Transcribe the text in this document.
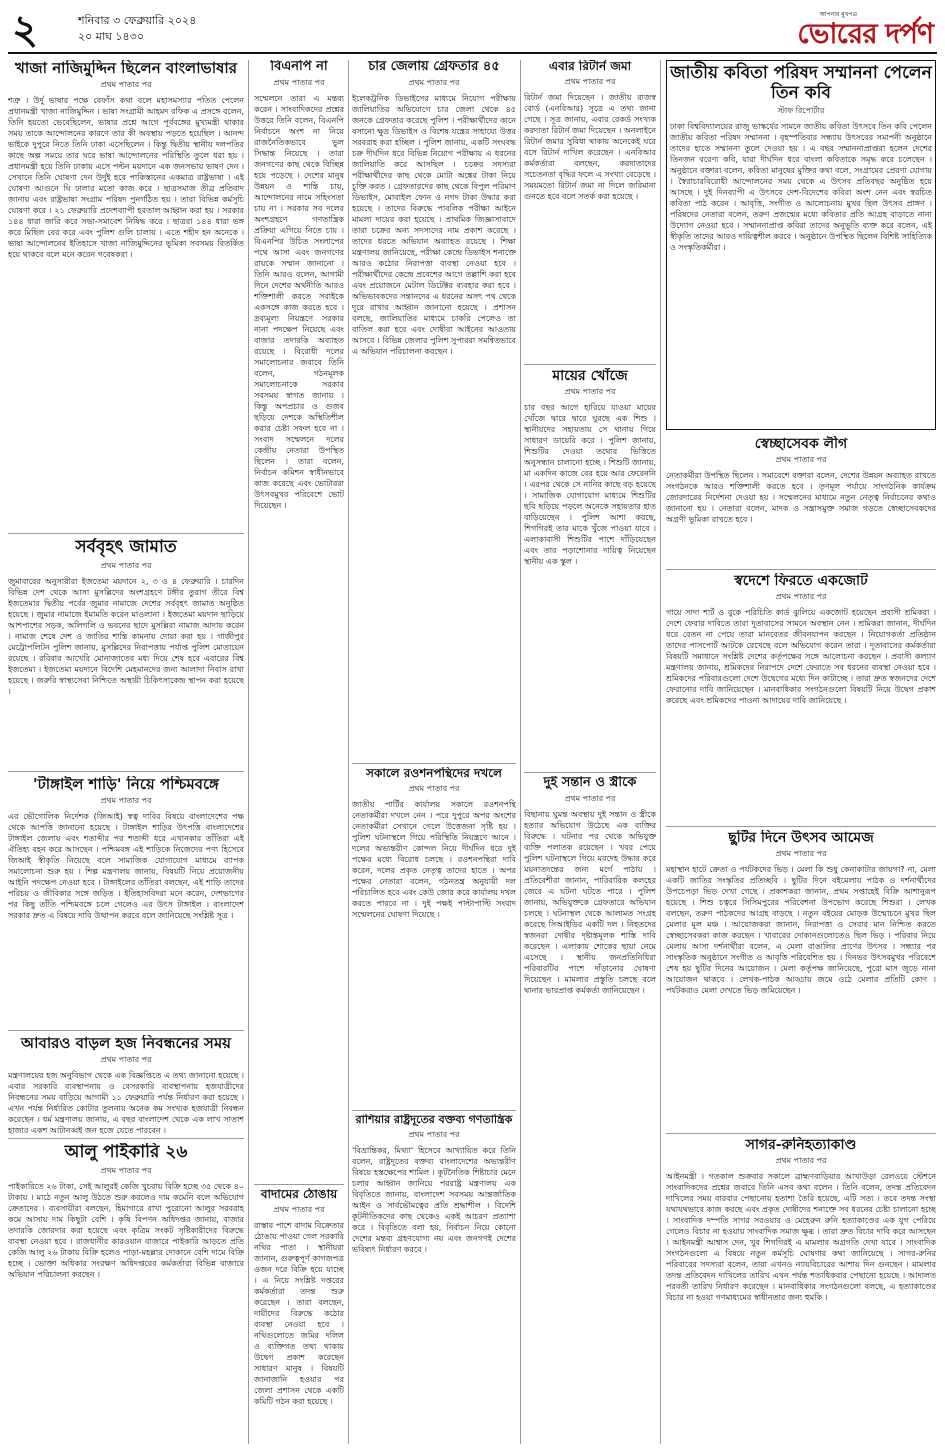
২	শনিবার ৩ ফেব্রুয়ারি ২০২৪
২০ মাঘ ১৪৩০
আপনার মুখপত্র
ভোরের দর্পণ
খাজা নাজিমুদ্দিন ছিলেন বাংলাভাষার
প্রথম পাতার পর
শত্রু । উর্দু ভাষার পক্ষে বেফাঁস কথা বলে মহাসমস্যার পতিত পেলেন প্রধানমন্ত্রী খাজা নাজিমুদ্দিন । ভাষা সংগ্রামী আহমদ রফিক এ প্রসঙ্গে বলেন, তিনি হয়তো ভেবেছিলেন, ভাষার প্রশ্নে আগে পূর্ববঙ্গের মুখ্যমন্ত্রী থাকার সময় তাকে আন্দোলনের কারণে তার কী অবস্থায় পড়তে হয়েছিল । আনন্দ ভাইকে দুপুরে নিতে তিনি ঢাকা এসেছিলেন । কিন্তু দ্বিতীয় স্থানীয় দলপতির কাছে অল্প সময়ে তার ঘরে ভাষা আন্দোলনের পরিস্থিতি তুলে ধরা হয় । প্রধানমন্ত্রী হয়ে তিনি ঢাকায় এসে পল্টন ময়দানে এক জনসভায় ভাষণ দেন । সেখানে তিনি ঘোষণা দেন উর্দুই হবে পাকিস্তানের একমাত্র রাষ্ট্রভাষা । এই ঘোষণা আগুনে ঘি ঢালার মতো কাজ করে । ছাত্রসমাজ তীব্র প্রতিবাদ জানায় এবং রাষ্ট্রভাষা সংগ্রাম পরিষদ পুনর্গঠিত হয় । তারা বিভিন্ন কর্মসূচি ঘোষণা করে । ২১ ফেব্রুয়ারি প্রদেশব্যাপী হরতাল আহ্বান করা হয় । সরকার ১৪৪ ধারা জারি করে সভা-সমাবেশ নিষিদ্ধ করে । ছাত্ররা ১৪৪ ধারা ভঙ্গ করে মিছিল বের করে এবং পুলিশ গুলি চালায় । এতে শহীদ হন অনেকে । ভাষা আন্দোলনের ইতিহাসে খাজা নাজিমুদ্দিনের ভূমিকা সবসময় বিতর্কিত হয়ে থাকবে বলে মনে করেন গবেষকরা ।
সর্ববৃহৎ জামাত
প্রথম পাতার পর
জুমাবারের অনুসারীরা ইজতেমা ময়দানে ২, ৩ ও ৪ ফেব্রুয়ারি । চারদিন বিভিন্ন দেশ থেকে আসা মুসল্লিদের অংশগ্রহণে টঙ্গীর তুরাগ তীরে বিশ্ব ইজতেমার দ্বিতীয় পর্বের জুমার নামাজে দেশের সর্ববৃহৎ জামাত অনুষ্ঠিত হয়েছে । জুমার নামাজে ইমামতি করেন মাওলানা । ইজতেমা ময়দান ছাড়িয়ে আশপাশের সড়ক, অলিগলি ও ভবনের ছাদে মুসল্লিরা নামাজ আদায় করেন । নামাজ শেষে দেশ ও জাতির শান্তি কামনায় দোয়া করা হয় । গাজীপুর মেট্রোপলিটন পুলিশ জানায়, মুসল্লিদের নিরাপত্তায় পর্যাপ্ত পুলিশ মোতায়েন রয়েছে । রবিবার আখেরি মোনাজাতের মধ্য দিয়ে শেষ হবে এবারের বিশ্ব ইজতেমা । ইজতেমা ময়দানে বিদেশি মেহমানদের জন্য আলাদা নিবাস রাখা হয়েছে । জরুরি স্বাস্থ্যসেবা নিশ্চিতে অস্থায়ী চিকিৎসাকেন্দ্র স্থাপন করা হয়েছে ।
'টাঙ্গাইল শাড়ি' নিয়ে পশ্চিমবঙ্গে
প্রথম পাতার পর
এর ভৌগোলিক নির্দেশক (জিআই) স্বত্ব দাবির বিষয়ে বাংলাদেশের পক্ষ থেকে আপত্তি জানানো হয়েছে । টাঙ্গাইল শাড়ির উৎপত্তি বাংলাদেশের টাঙ্গাইল জেলায় এবং শতাব্দীর পর শতাব্দী ধরে এখানকার তাঁতিরা এই ঐতিহ্য বহন করে আসছেন । পশ্চিমবঙ্গ এই শাড়িকে নিজেদের পণ্য হিসেবে জিআই স্বীকৃতি নিয়েছে বলে সামাজিক যোগাযোগ মাধ্যমে ব্যাপক সমালোচনা শুরু হয় । শিল্প মন্ত্রণালয় জানায়, বিষয়টি নিয়ে প্রয়োজনীয় আইনি পদক্ষেপ নেওয়া হবে । টাঙ্গাইলের তাঁতিরা বলছেন, এই শাড়ি তাদের পরিচয় ও জীবিকার সঙ্গে জড়িত । ইতিহাসবিদরা মনে করেন, দেশভাগের পর কিছু তাঁতি পশ্চিমবঙ্গে চলে গেলেও এর উৎস টাঙ্গাইল । বাংলাদেশ সরকার দ্রুত এ বিষয়ে দাবি উত্থাপন করবে বলে জানিয়েছে সংশ্লিষ্ট সূত্র ।
আবারও বাড়ল হজ নিবন্ধনের সময়
প্রথম পাতার পর
মন্ত্রণালয়ের হজ অনুবিভাগ থেকে এক বিজ্ঞপ্তিতে এ তথ্য জানানো হয়েছে । এবার সরকারি ব্যবস্থাপনায় ও বেসরকারি ব্যবস্থাপনায় হজযাত্রীদের নিবন্ধনের সময় বাড়িয়ে আগামী ১১ ফেব্রুয়ারি পর্যন্ত নির্ধারণ করা হয়েছে । এখন পর্যন্ত নির্ধারিত কোটার তুলনায় অনেক কম সংখ্যক হজযাত্রী নিবন্ধন করেছেন । ধর্ম মন্ত্রণালয় জানায়, এ বছর বাংলাদেশ থেকে এক লাখ সাতাশ হাজার একশ আটানব্বই জন হজে যেতে পারবেন ।
আলু পাইকারি ২৬
প্রথম পাতার পর
পাইকারিতে ২৬ টাকা, সেই আলুরই কেজি খুচরায় বিক্রি হচ্ছে ৩৫ থেকে ৪০ টাকায় । মাঠে নতুন আলু উঠতে শুরু করলেও দাম কমেনি বলে অভিযোগ ক্রেতাদের । ব্যবসায়ীরা বলছেন, হিমাগারে রাখা পুরোনো আলুর সরবরাহ কমে আসায় দাম কিছুটা বেশি । কৃষি বিপণন অধিদপ্তর জানায়, বাজার তদারকি জোরদার করা হয়েছে এবং কৃত্রিম সংকট সৃষ্টিকারীদের বিরুদ্ধে ব্যবস্থা নেওয়া হবে । রাজধানীর কারওয়ান বাজারে পাইকারি আড়তে প্রতি কেজি আলু ২৬ টাকায় বিক্রি হলেও পাড়া-মহল্লার দোকানে বেশি দামে বিক্রি হচ্ছে । ভোক্তা অধিকার সংরক্ষণ অধিদপ্তরের কর্মকর্তারা বিভিন্ন বাজারে অভিযান পরিচালনা করছেন ।
বিএনপি না
প্রথম পাতার পর
সম্মেলনে তারা এ মন্তব্য করেন । সাংবাদিকদের প্রশ্নের উত্তরে তিনি বলেন, বিএনপি নির্বাচনে অংশ না নিয়ে রাজনৈতিকভাবে ভুল সিদ্ধান্ত নিয়েছে । তারা জনগণের কাছ থেকে বিচ্ছিন্ন হয়ে পড়েছে । দেশের মানুষ উন্নয়ন ও শান্তি চায়, আন্দোলনের নামে সহিংসতা চায় না । সরকার সব দলের অংশগ্রহণে গণতান্ত্রিক প্রক্রিয়া এগিয়ে নিতে চায় । বিএনপির উচিত সংলাপের পথে আসা এবং জনগণের রায়কে সম্মান জানানো । তিনি আরও বলেন, আগামী দিনে দেশের অর্থনীতি আরও শক্তিশালী করতে সবাইকে একসঙ্গে কাজ করতে হবে । দ্রব্যমূল্য নিয়ন্ত্রণে সরকার নানা পদক্ষেপ নিয়েছে এবং বাজার তদারকি অব্যাহত রয়েছে । বিরোধী দলের সমালোচনার জবাবে তিনি বলেন, গঠনমূলক সমালোচনাকে সরকার সবসময় স্বাগত জানায় । কিন্তু অপপ্রচার ও গুজব ছড়িয়ে দেশকে অস্থিতিশীল করার চেষ্টা সফল হবে না । সংবাদ সম্মেলনে দলের কেন্দ্রীয় নেতারা উপস্থিত ছিলেন । তারা বলেন, নির্বাচন কমিশন স্বাধীনভাবে কাজ করেছে এবং ভোটাররা উৎসবমুখর পরিবেশে ভোট দিয়েছেন ।
বাদামের ঠোঙায়
প্রথম পাতার পর
রাস্তার পাশে বাদাম বিক্রেতার ঠোঙায় পাওয়া গেল সরকারি নথির পাতা । স্থানীয়রা জানান, গুরুত্বপূর্ণ কাগজপত্র ওজন দরে বিক্রি হয়ে যাচ্ছে । এ নিয়ে সংশ্লিষ্ট দপ্তরের কর্মকর্তারা তদন্ত শুরু করেছেন । তারা বলছেন, দায়ীদের বিরুদ্ধে কঠোর ব্যবস্থা নেওয়া হবে । নথিগুলোতে জমির দলিল ও ব্যক্তিগত তথ্য থাকায় উদ্বেগ প্রকাশ করেছেন সাধারণ মানুষ । বিষয়টি জানাজানি হওয়ার পর জেলা প্রশাসন থেকে একটি কমিটি গঠন করা হয়েছে ।
চার জেলায় গ্রেফতার ৪৫
প্রথম পাতার পর
ইলেকট্রনিক ডিভাইসের মাধ্যমে নিয়োগ পরীক্ষায় জালিয়াতির অভিযোগে চার জেলা থেকে ৪৫ জনকে গ্রেফতার করেছে পুলিশ । পরীক্ষার্থীদের কানে বসানো ক্ষুদ্র ডিভাইস ও বিশেষ যন্ত্রের সাহায্যে উত্তর সরবরাহ করা হচ্ছিল । পুলিশ জানায়, একটি সংঘবদ্ধ চক্র দীর্ঘদিন ধরে বিভিন্ন নিয়োগ পরীক্ষায় এ ধরনের জালিয়াতি করে আসছিল । চক্রের সদস্যরা পরীক্ষার্থীদের কাছ থেকে মোটা অঙ্কের টাকা নিয়ে চুক্তি করত । গ্রেফতারদের কাছ থেকে বিপুল পরিমাণ ডিভাইস, মোবাইল ফোন ও নগদ টাকা উদ্ধার করা হয়েছে । তাদের বিরুদ্ধে পাবলিক পরীক্ষা আইনে মামলা দায়ের করা হয়েছে । প্রাথমিক জিজ্ঞাসাবাদে তারা চক্রের অন্য সদস্যদের নাম প্রকাশ করেছে । তাদের ধরতে অভিযান অব্যাহত রয়েছে । শিক্ষা মন্ত্রণালয় জানিয়েছে, পরীক্ষা কেন্দ্রে ডিভাইস শনাক্তে আরও কঠোর নিরাপত্তা ব্যবস্থা নেওয়া হবে । পরীক্ষার্থীদের কেন্দ্রে প্রবেশের আগে তল্লাশি করা হবে এবং প্রয়োজনে মেটাল ডিটেক্টর ব্যবহার করা হবে । অভিভাবকদের সন্তানদের এ ধরনের অসৎ পথ থেকে দূরে রাখার আহ্বান জানানো হয়েছে । প্রশাসন বলছে, জালিয়াতির মাধ্যমে চাকরি পেলেও তা বাতিল করা হবে এবং দোষীরা আইনের আওতায় আসবে । বিভিন্ন জেলার পুলিশ সুপাররা সমন্বিতভাবে এ অভিযান পরিচালনা করছেন ।
সকালে রওশনপন্থিদের দখলে
প্রথম পাতার পর
জাতীয় পার্টির কার্যালয় সকালে রওশনপন্থি নেতাকর্মীরা দখলে নেন । পরে দুপুরে অপর অংশের নেতাকর্মীরা সেখানে গেলে উত্তেজনা সৃষ্টি হয় । পুলিশ ঘটনাস্থলে গিয়ে পরিস্থিতি নিয়ন্ত্রণে আনে । দলের অভ্যন্তরীণ কোন্দল নিয়ে দীর্ঘদিন ধরে দুই পক্ষের মধ্যে বিরোধ চলছে । রওশনপন্থিরা দাবি করেন, দলের প্রকৃত নেতৃত্ব তাদের হাতে । অপর পক্ষের নেতারা বলেন, গঠনতন্ত্র অনুযায়ী দল পরিচালিত হবে এবং কেউ জোর করে কার্যালয় দখল করতে পারবে না । দুই পক্ষই পাল্টাপাল্টি সংবাদ সম্মেলনের ঘোষণা দিয়েছে ।
রাশিয়ার রাষ্ট্রদূতের বক্তব্য গণতান্ত্রিক
প্রথম পাতার পর
'বিভ্রান্তিকর, মিথ্যা' হিসেবে আখ্যায়িত করে তিনি বলেন, রাষ্ট্রদূতের বক্তব্য বাংলাদেশের অভ্যন্তরীণ বিষয়ে হস্তক্ষেপের শামিল । কূটনৈতিক শিষ্টাচার মেনে চলার আহ্বান জানিয়ে পররাষ্ট্র মন্ত্রণালয় এক বিবৃতিতে জানায়, বাংলাদেশ সবসময় আন্তর্জাতিক আইন ও সার্বভৌমত্বের প্রতি শ্রদ্ধাশীল । বিদেশি কূটনীতিকদের কাছ থেকেও একই আচরণ প্রত্যাশা করে । বিবৃতিতে বলা হয়, নির্বাচন নিয়ে কোনো দেশের মন্তব্য গ্রহণযোগ্য নয় এবং জনগণই দেশের ভবিষ্যৎ নির্ধারণ করবে ।
এবার রিটার্ন জমা
প্রথম পাতার পর
রিটার্ন জমা দিয়েছেন । জাতীয় রাজস্ব বোর্ড (এনবিআর) সূত্রে এ তথ্য জানা গেছে । সূত্র জানায়, এবার রেকর্ড সংখ্যক করদাতা রিটার্ন জমা দিয়েছেন । অনলাইনে রিটার্ন জমার সুবিধা থাকায় অনেকেই ঘরে বসে রিটার্ন দাখিল করেছেন । এনবিআর কর্মকর্তারা বলছেন, করদাতাদের সচেতনতা বৃদ্ধির ফলে এ সংখ্যা বেড়েছে । সময়মতো রিটার্ন জমা না দিলে জরিমানা গুনতে হবে বলে সতর্ক করা হয়েছে ।
মায়ের খোঁজে
প্রথম পাতার পর
চার বছর আগে হারিয়ে যাওয়া মায়ের খোঁজে দ্বারে দ্বারে ঘুরছে এক শিশু । স্থানীয়দের সহায়তায় সে থানায় গিয়ে সাধারণ ডায়েরি করে । পুলিশ জানায়, শিশুটির দেওয়া তথ্যের ভিত্তিতে অনুসন্ধান চালানো হচ্ছে । শিশুটি জানায়, মা একদিন কাজে বের হয়ে আর ফেরেননি । এরপর থেকে সে নানির কাছে বড় হয়েছে । সামাজিক যোগাযোগ মাধ্যমে শিশুটির ছবি ছড়িয়ে পড়লে অনেকে সহায়তার হাত বাড়িয়েছেন । পুলিশ আশা করছে, শিগগিরই তার মাকে খুঁজে পাওয়া যাবে । এলাকাবাসী শিশুটির পাশে দাঁড়িয়েছেন এবং তার পড়াশোনার দায়িত্ব নিয়েছেন স্থানীয় এক স্কুল ।
দুই সন্তান ও স্ত্রীকে
প্রথম পাতার পর
বিছানায় ঘুমন্ত অবস্থায় দুই সন্তান ও স্ত্রীকে হত্যার অভিযোগ উঠেছে এক ব্যক্তির বিরুদ্ধে । ঘটনার পর থেকে অভিযুক্ত ব্যক্তি পলাতক রয়েছেন । খবর পেয়ে পুলিশ ঘটনাস্থলে গিয়ে মরদেহ উদ্ধার করে ময়নাতদন্তের জন্য মর্গে পাঠায় । প্রতিবেশীরা জানান, পারিবারিক কলহের জেরে এ ঘটনা ঘটতে পারে । পুলিশ জানায়, অভিযুক্তকে গ্রেফতারে অভিযান চলছে । ঘটনাস্থল থেকে আলামত সংগ্রহ করেছে সিআইডির একটি দল । নিহতদের স্বজনরা দোষীর দৃষ্টান্তমূলক শাস্তি দাবি করেছেন । এলাকায় শোকের ছায়া নেমে এসেছে । স্থানীয় জনপ্রতিনিধিরা পরিবারটির পাশে দাঁড়ানোর ঘোষণা দিয়েছেন । মামলার প্রস্তুতি চলছে বলে থানার ভারপ্রাপ্ত কর্মকর্তা জানিয়েছেন ।
জাতীয় কবিতা পরিষদ সম্মাননা পেলেন তিন কবি
স্টাফ রিপোর্টার
ঢাকা বিশ্ববিদ্যালয়ের রাজু ভাস্কর্যের সামনে জাতীয় কবিতা উৎসবে তিন কবি পেলেন জাতীয় কবিতা পরিষদ সম্মাননা । বৃহস্পতিবার সন্ধ্যায় উৎসবের সমাপনী অনুষ্ঠানে তাদের হাতে সম্মাননা তুলে দেওয়া হয় । এ বছর সম্মাননাপ্রাপ্তরা হলেন দেশের তিনজন বরেণ্য কবি, যারা দীর্ঘদিন ধরে বাংলা কবিতাকে সমৃদ্ধ করে চলেছেন । অনুষ্ঠানে বক্তারা বলেন, কবিতা মানুষের মুক্তির কথা বলে, সংগ্রামের প্রেরণা যোগায় । স্বৈরাচারবিরোধী আন্দোলনের সময় থেকে এ উৎসব প্রতিবছর অনুষ্ঠিত হয়ে আসছে । দুই দিনব্যাপী এ উৎসবে দেশ-বিদেশের কবিরা অংশ নেন এবং স্বরচিত কবিতা পাঠ করেন । আবৃত্তি, সংগীত ও আলোচনায় মুখর ছিল উৎসব প্রাঙ্গণ । পরিষদের নেতারা বলেন, তরুণ প্রজন্মের মধ্যে কবিতার প্রতি আগ্রহ বাড়াতে নানা উদ্যোগ নেওয়া হবে । সম্মাননাপ্রাপ্ত কবিরা তাদের অনুভূতি ব্যক্ত করে বলেন, এই স্বীকৃতি তাদের আরও দায়িত্বশীল করবে । অনুষ্ঠানে উপস্থিত ছিলেন বিশিষ্ট সাহিত্যিক ও সংস্কৃতিকর্মীরা ।
স্বেচ্ছাসেবক লীগ
প্রথম পাতার পর
নেতাকর্মীরা উপস্থিত ছিলেন । সমাবেশে বক্তারা বলেন, দেশের উন্নয়ন অব্যাহত রাখতে সংগঠনকে আরও শক্তিশালী করতে হবে । তৃণমূল পর্যায়ে সাংগঠনিক কার্যক্রম জোরদারের নির্দেশনা দেওয়া হয় । সম্মেলনের মাধ্যমে নতুন নেতৃত্ব নির্বাচনের কথাও জানানো হয় । নেতারা বলেন, মাদক ও সন্ত্রাসমুক্ত সমাজ গড়তে স্বেচ্ছাসেবকদের অগ্রণী ভূমিকা রাখতে হবে ।
স্বদেশে ফিরতে একজোট
প্রথম পাতার পর
গায়ে সাদা শার্ট ও বুকে পরিচিতি কার্ড ঝুলিয়ে একজোট হয়েছেন প্রবাসী শ্রমিকরা । দেশে ফেরার দাবিতে তারা দূতাবাসের সামনে অবস্থান নেন । শ্রমিকরা জানান, দীর্ঘদিন ধরে বেতন না পেয়ে তারা মানবেতর জীবনযাপন করছেন । নিয়োগকর্তা প্রতিষ্ঠান তাদের পাসপোর্ট আটকে রেখেছে বলে অভিযোগ করেন তারা । দূতাবাসের কর্মকর্তারা বিষয়টি সমাধানে সংশ্লিষ্ট দেশের কর্তৃপক্ষের সঙ্গে আলোচনা করছেন । প্রবাসী কল্যাণ মন্ত্রণালয় জানায়, শ্রমিকদের নিরাপদে দেশে ফেরাতে সব ধরনের ব্যবস্থা নেওয়া হবে । শ্রমিকদের পরিবারগুলো দেশে উদ্বেগের মধ্যে দিন কাটাচ্ছে । তারা দ্রুত স্বজনদের দেশে ফেরানোর দাবি জানিয়েছেন । মানবাধিকার সংগঠনগুলো বিষয়টি নিয়ে উদ্বেগ প্রকাশ করেছে এবং শ্রমিকদের পাওনা আদায়ের দাবি জানিয়েছে ।
ছুটির দিনে উৎসব আমেজ
প্রথম পাতার পর
মহাস্থান হাটে ক্রেতা ও পর্যটকদের ভিড় । মেলা কি শুধু কেনাকাটার জায়গা? না, মেলা একটি জাতির সংস্কৃতির প্রতিচ্ছবি । ছুটির দিনে বইমেলায় পাঠক ও দর্শনার্থীদের উপচেপড়া ভিড় দেখা গেছে । প্রকাশকরা জানান, প্রথম সপ্তাহেই বিক্রি আশানুরূপ হয়েছে । শিশু চত্বরে সিসিমপুরের পরিবেশনা উপভোগ করেছে শিশুরা । লেখক বলছেন, তরুণ পাঠকদের আগ্রহ বাড়ছে । নতুন বইয়ের মোড়ক উন্মোচনে মুখর ছিল মেলার মূল মঞ্চ । আয়োজকরা জানান, নিরাপত্তা ও সেবার মান নিশ্চিত করতে স্বেচ্ছাসেবকরা কাজ করছেন । খাবারের দোকানগুলোতেও ছিল ভিড় । পরিবার নিয়ে মেলায় আসা দর্শনার্থীরা বলেন, এ মেলা বাঙালির প্রাণের উৎসব । সন্ধ্যার পর সাংস্কৃতিক অনুষ্ঠানে সংগীত ও আবৃত্তি পরিবেশিত হয় । দিনভর উৎসবমুখর পরিবেশে শেষ হয় ছুটির দিনের আয়োজন । মেলা কর্তৃপক্ষ জানিয়েছে, পুরো মাস জুড়ে নানা আয়োজন থাকবে । লেখক-পাঠক আড্ডায় জমে ওঠে মেলার প্রতিটি কোণ । পর্যটকরাও মেলা দেখতে ভিড় জমিয়েছেন ।
সাগর-রুনিহত্যাকাণ্ড
প্রথম পাতার পর
আইনমন্ত্রী । গতকাল শুক্রবার সকালে ব্রাহ্মণবাড়িয়ার আখাউড়া রেলওয়ে স্টেশনে সাংবাদিকদের প্রশ্নের জবাবে তিনি এসব কথা বলেন । তিনি বলেন, তদন্ত প্রতিবেদন দাখিলের সময় বারবার পেছানোয় হতাশা তৈরি হয়েছে, এটি সত্য । তবে তদন্ত সংস্থা যথাযথভাবে কাজ করছে এবং প্রকৃত দোষীদের শনাক্তে সব ধরনের চেষ্টা চালানো হচ্ছে । সাংবাদিক দম্পতি সাগর সরওয়ার ও মেহেরুন রুনি হত্যাকাণ্ডের এক যুগ পেরিয়ে গেলেও বিচার না হওয়ায় সাংবাদিক সমাজ ক্ষুব্ধ । তারা দ্রুত বিচার দাবি করে আসছেন । আইনমন্ত্রী আশ্বাস দেন, খুব শিগগিরই এ মামলার অগ্রগতি দেখা যাবে । সাংবাদিক সংগঠনগুলো এ বিষয়ে নতুন কর্মসূচি ঘোষণার কথা জানিয়েছে । সাগর-রুনির পরিবারের সদস্যরা বলেন, তারা এখনও ন্যায়বিচারের আশায় দিন গুনছেন । মামলার তদন্ত প্রতিবেদন দাখিলের তারিখ এখন পর্যন্ত শতাধিকবার পেছানো হয়েছে । আদালত পরবর্তী তারিখ নির্ধারণ করেছেন । মানবাধিকার সংগঠনগুলো বলছে, এ হত্যাকাণ্ডের বিচার না হওয়া গণমাধ্যমের স্বাধীনতার জন্য হুমকি ।
